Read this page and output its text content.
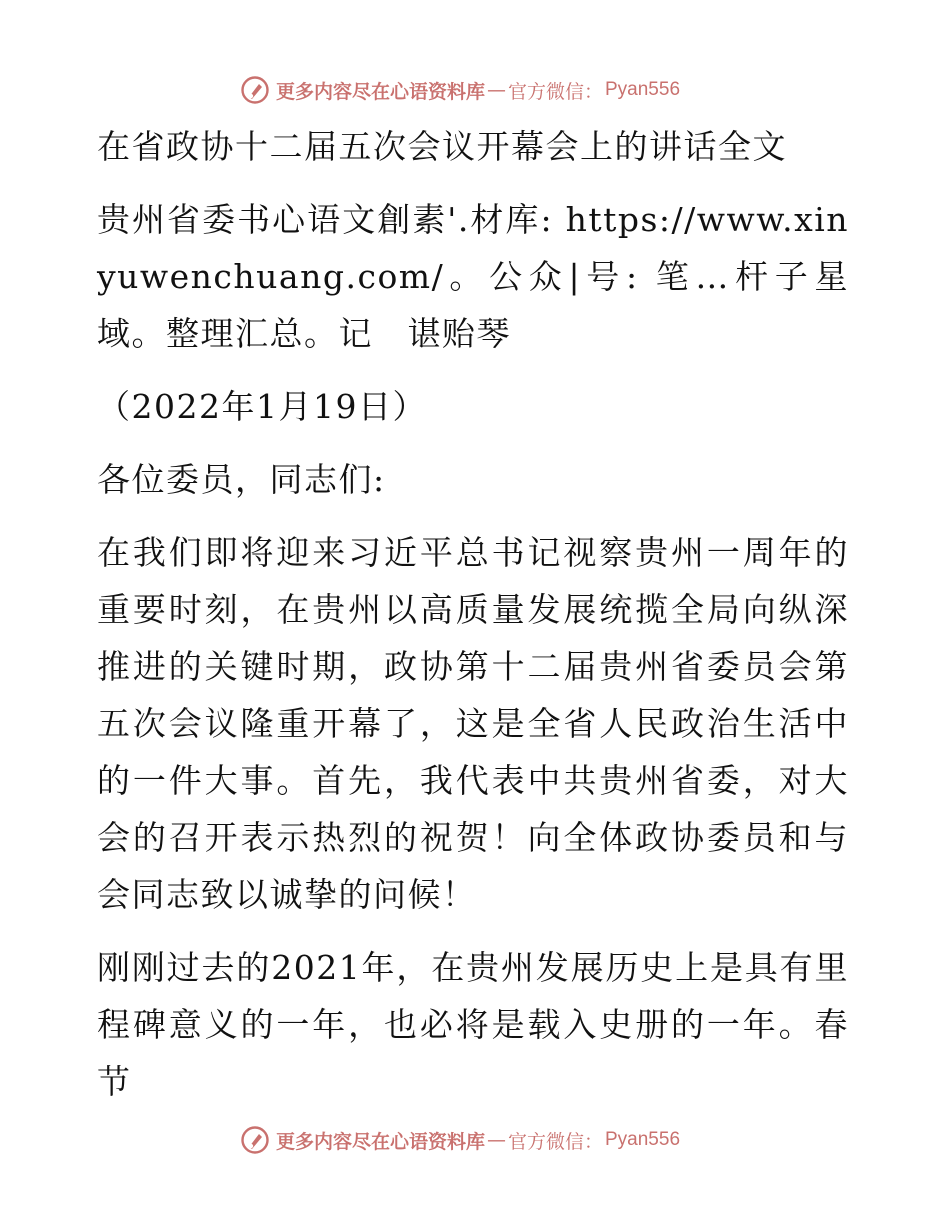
更多内容尽在心语资料库 — 官方微信： Pyan556

在省政协十二届五次会议开幕会上的讲话全文

贵州省委书心语文創素'.材库: https://www.xinyuwenchuang.com/。公众|号: 笔…杆子星域。整理汇总。记　谌贻琴

（2022年1月19日）

各位委员，同志们:

在我们即将迎来习近平总书记视察贵州一周年的重要时刻，在贵州以高质量发展统揽全局向纵深推进的关键时期，政协第十二届贵州省委员会第五次会议隆重开幕了，这是全省人民政治生活中的一件大事。首先，我代表中共贵州省委，对大会的召开表示热烈的祝贺！向全体政协委员和与会同志致以诚挚的问候！

刚刚过去的2021年，在贵州发展历史上是具有里程碑意义的一年，也必将是载入史册的一年。春节

更多内容尽在心语资料库 — 官方微信： Pyan556
